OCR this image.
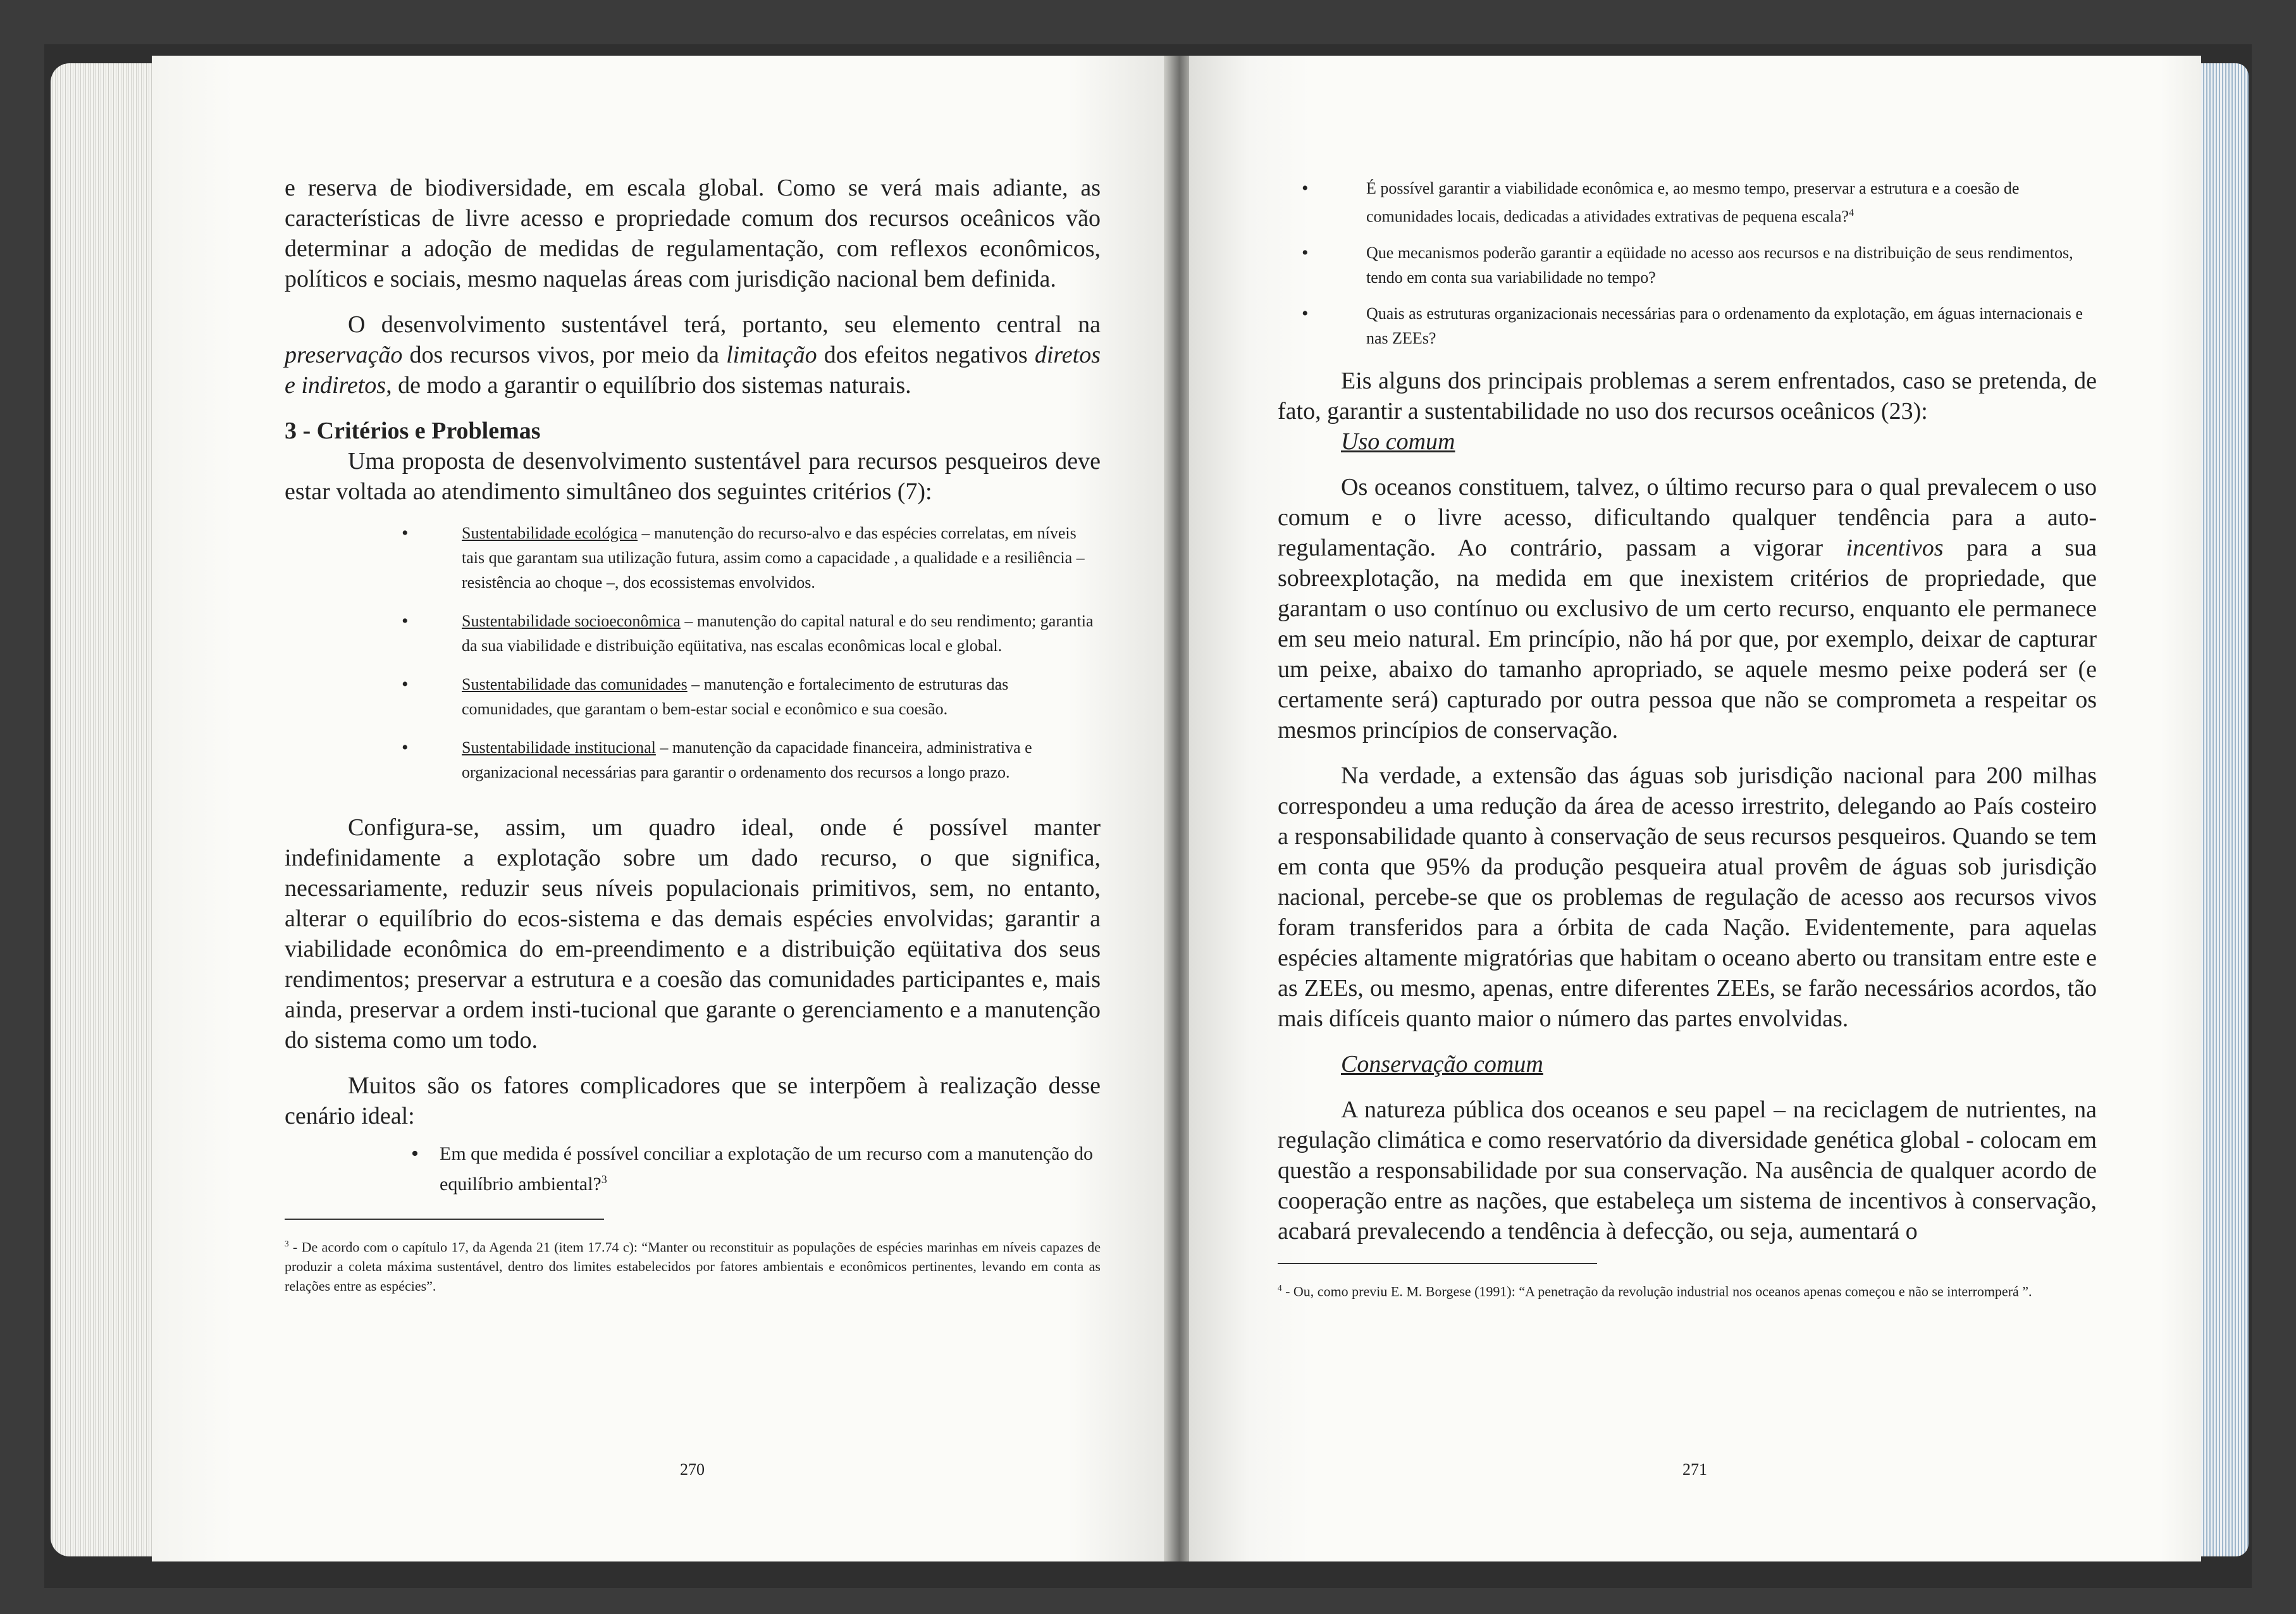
e reserva de biodiversidade, em escala global. Como se verá mais adiante, as características de livre acesso e propriedade comum dos recursos oceânicos vão determinar a adoção de medidas de regulamentação, com reflexos econômicos, políticos e sociais, mesmo naquelas áreas com jurisdição nacional bem definida.

O desenvolvimento sustentável terá, portanto, seu elemento central na preservação dos recursos vivos, por meio da limitação dos efeitos negativos diretos e indiretos, de modo a garantir o equilíbrio dos sistemas naturais.

3 - Critérios e Problemas

Uma proposta de desenvolvimento sustentável para recursos pesqueiros deve estar voltada ao atendimento simultâneo dos seguintes critérios (7):

• Sustentabilidade ecológica – manutenção do recurso-alvo e das espécies correlatas, em níveis tais que garantam sua utilização futura, assim como a capacidade , a qualidade e a resiliência – resistência ao choque –, dos ecossistemas envolvidos.
• Sustentabilidade socioeconômica – manutenção do capital natural e do seu rendimento; garantia da sua viabilidade e distribuição eqüitativa, nas escalas econômicas local e global.
• Sustentabilidade das comunidades – manutenção e fortalecimento de estruturas das comunidades, que garantam o bem-estar social e econômico e sua coesão.
• Sustentabilidade institucional – manutenção da capacidade financeira, administrativa e organizacional necessárias para garantir o ordenamento dos recursos a longo prazo.

Configura-se, assim, um quadro ideal, onde é possível manter indefinidamente a explotação sobre um dado recurso, o que significa, necessariamente, reduzir seus níveis populacionais primitivos, sem, no entanto, alterar o equilíbrio do ecos-sistema e das demais espécies envolvidas; garantir a viabilidade econômica do em-preendimento e a distribuição eqüitativa dos seus rendimentos; preservar a estrutura e a coesão das comunidades participantes e, mais ainda, preservar a ordem insti-tucional que garante o gerenciamento e a manutenção do sistema como um todo.

Muitos são os fatores complicadores que se interpõem à realização desse cenário ideal:

• Em que medida é possível conciliar a explotação de um recurso com a manutenção do equilíbrio ambiental?$^3$

$^3$ - De acordo com o capítulo 17, da Agenda 21 (item 17.74 c): “Manter ou reconstituir as populações de espécies marinhas em níveis capazes de produzir a coleta máxima sustentável, dentro dos limites estabelecidos por fatores ambientais e econômicos pertinentes, levando em conta as relações entre as espécies”.

270
• É possível garantir a viabilidade econômica e, ao mesmo tempo, preservar a estrutura e a coesão de comunidades locais, dedicadas a atividades extrativas de pequena escala?$^4$
• Que mecanismos poderão garantir a eqüidade no acesso aos recursos e na distribuição de seus rendimentos, tendo em conta sua variabilidade no tempo?
• Quais as estruturas organizacionais necessárias para o ordenamento da explotação, em águas internacionais e nas ZEEs?

Eis alguns dos principais problemas a serem enfrentados, caso se pretenda, de fato, garantir a sustentabilidade no uso dos recursos oceânicos (23):

Uso comum

Os oceanos constituem, talvez, o último recurso para o qual prevalecem o uso comum e o livre acesso, dificultando qualquer tendência para a auto-regulamentação. Ao contrário, passam a vigorar incentivos para a sua sobreexplotação, na medida em que inexistem critérios de propriedade, que garantam o uso contínuo ou exclusivo de um certo recurso, enquanto ele permanece em seu meio natural. Em princípio, não há por que, por exemplo, deixar de capturar um peixe, abaixo do tamanho apropriado, se aquele mesmo peixe poderá ser (e certamente será) capturado por outra pessoa que não se comprometa a respeitar os mesmos princípios de conservação.

Na verdade, a extensão das águas sob jurisdição nacional para 200 milhas correspondeu a uma redução da área de acesso irrestrito, delegando ao País costeiro a responsabilidade quanto à conservação de seus recursos pesqueiros. Quando se tem em conta que 95% da produção pesqueira atual provêm de águas sob jurisdição nacional, percebe-se que os problemas de regulação de acesso aos recursos vivos foram transferidos para a órbita de cada Nação. Evidentemente, para aquelas espécies altamente migratórias que habitam o oceano aberto ou transitam entre este e as ZEEs, ou mesmo, apenas, entre diferentes ZEEs, se farão necessários acordos, tão mais difíceis quanto maior o número das partes envolvidas.

Conservação comum

A natureza pública dos oceanos e seu papel – na reciclagem de nutrientes, na regulação climática e como reservatório da diversidade genética global - colocam em questão a responsabilidade por sua conservação. Na ausência de qualquer acordo de cooperação entre as nações, que estabeleça um sistema de incentivos à conservação, acabará prevalecendo a tendência à defecção, ou seja, aumentará o

$^4$ - Ou, como previu E. M. Borgese (1991): “A penetração da revolução industrial nos oceanos apenas começou e não se interromperá ”.

271
